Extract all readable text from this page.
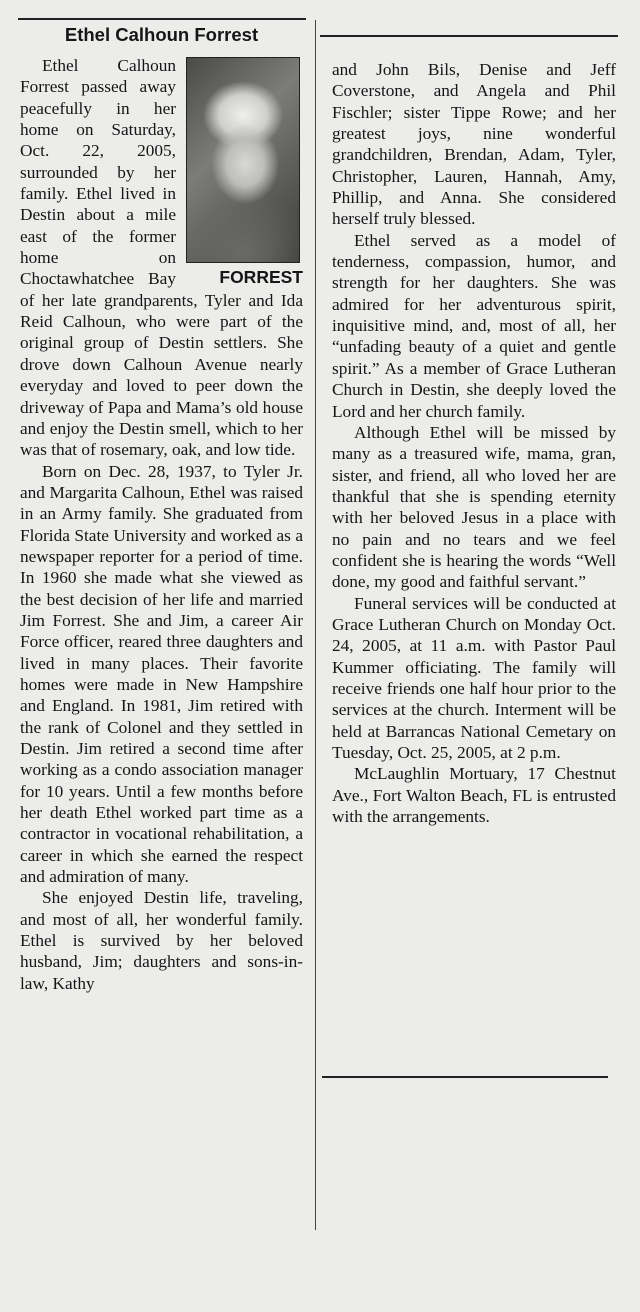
Ethel Calhoun Forrest
FORREST

Ethel Calhoun Forrest passed away peacefully in her home on Saturday, Oct. 22, 2005, surrounded by her family. Ethel lived in Destin about a mile east of the former home on Choctawhatchee Bay of her late grandparents, Tyler and Ida Reid Calhoun, who were part of the original group of Destin settlers. She drove down Calhoun Avenue nearly everyday and loved to peer down the driveway of Papa and Mama’s old house and enjoy the Destin smell, which to her was that of rosemary, oak, and low tide.

Born on Dec. 28, 1937, to Tyler Jr. and Margarita Calhoun, Ethel was raised in an Army family. She graduated from Florida State University and worked as a newspaper reporter for a period of time. In 1960 she made what she viewed as the best decision of her life and married Jim Forrest. She and Jim, a career Air Force officer, reared three daughters and lived in many places. Their favorite homes were made in New Hampshire and England. In 1981, Jim retired with the rank of Colonel and they settled in Destin. Jim retired a second time after working as a condo association manager for 10 years. Until a few months before her death Ethel worked part time as a contractor in vocational rehabilitation, a career in which she earned the respect and admiration of many.

She enjoyed Destin life, traveling, and most of all, her wonderful family. Ethel is survived by her beloved husband, Jim; daughters and sons-in-law, Kathy

and John Bils, Denise and Jeff Coverstone, and Angela and Phil Fischler; sister Tippe Rowe; and her greatest joys, nine wonderful grandchildren, Brendan, Adam, Tyler, Christopher, Lauren, Hannah, Amy, Phillip, and Anna. She considered herself truly blessed.

Ethel served as a model of tenderness, compassion, humor, and strength for her daughters. She was admired for her adventurous spirit, inquisitive mind, and, most of all, her “unfading beauty of a quiet and gentle spirit.” As a member of Grace Lutheran Church in Destin, she deeply loved the Lord and her church family.

Although Ethel will be missed by many as a treasured wife, mama, gran, sister, and friend, all who loved her are thankful that she is spending eternity with her beloved Jesus in a place with no pain and no tears and we feel confident she is hearing the words “Well done, my good and faithful servant.”

Funeral services will be conducted at Grace Lutheran Church on Monday Oct. 24, 2005, at 11 a.m. with Pastor Paul Kummer officiating. The family will receive friends one half hour prior to the services at the church. Interment will be held at Barrancas National Cemetary on Tuesday, Oct. 25, 2005, at 2 p.m.

McLaughlin Mortuary, 17 Chestnut Ave., Fort Walton Beach, FL is entrusted with the arrangements.
